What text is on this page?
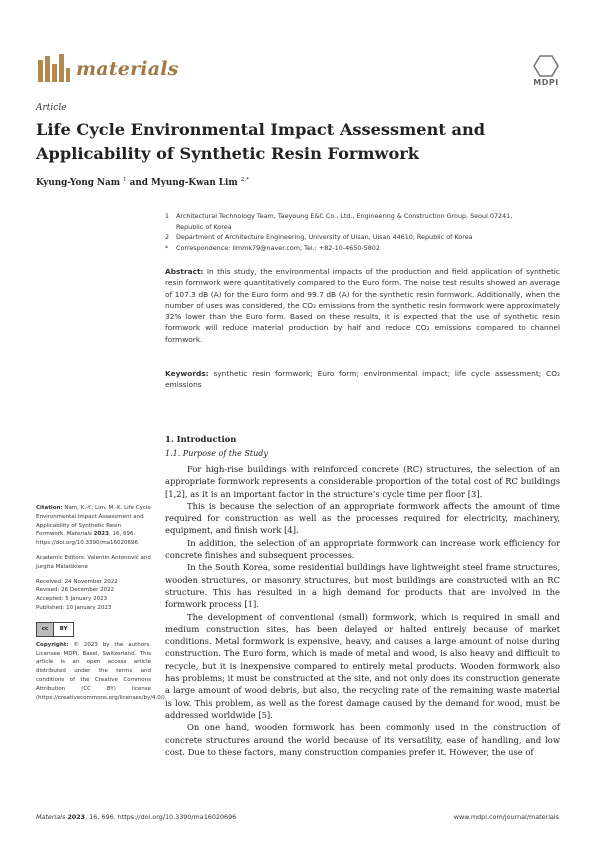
materials
MDPI
Article
Life Cycle Environmental Impact Assessment and Applicability of Synthetic Resin Formwork
Kyung-Yong Nam $^1$ and Myung-Kwan Lim $^{2,*}$
1	Architectural Technology Team, Taeyoung E&C Co., Ltd., Engineering & Construction Group, Seoul 07241, Republic of Korea
2	Department of Architecture Engineering, University of Ulsan, Ulsan 44610, Republic of Korea
*	Correspondence: limmk79@naver.com; Tel.: +82-10-4650-5802
Abstract: In this study, the environmental impacts of the production and field application of synthetic resin formwork were quantitatively compared to the Euro form. The noise test results showed an average of 107.3 dB (A) for the Euro form and 99.7 dB (A) for the synthetic resin formwork. Additionally, when the number of uses was considered, the CO₂ emissions from the synthetic resin formwork were approximately 32% lower than the Euro form. Based on these results, it is expected that the use of synthetic resin formwork will reduce material production by half and reduce CO₂ emissions compared to channel formwork.
Keywords: synthetic resin formwork; Euro form; environmental impact; life cycle assessment; CO₂ emissions
1. Introduction
1.1. Purpose of the Study

For high-rise buildings with reinforced concrete (RC) structures, the selection of an appropriate formwork represents a considerable proportion of the total cost of RC buildings [1,2], as it is an important factor in the structure’s cycle time per floor [3].

This is because the selection of an appropriate formwork affects the amount of time required for construction as well as the processes required for electricity, machinery, equipment, and finish work [4].

In addition, the selection of an appropriate formwork can increase work efficiency for concrete finishes and subsequent processes.

In the South Korea, some residential buildings have lightweight steel frame structures, wooden structures, or masonry structures, but most buildings are constructed with an RC structure. This has resulted in a high demand for products that are involved in the formwork process [1].

The development of conventional (small) formwork, which is required in small and medium construction sites, has been delayed or halted entirely because of market conditions. Metal formwork is expensive, heavy, and causes a large amount of noise during construction. The Euro form, which is made of metal and wood, is also heavy and difficult to recycle, but it is inexpensive compared to entirely metal products. Wooden formwork also has problems; it must be constructed at the site, and not only does its construction generate a large amount of wood debris, but also, the recycling rate of the remaining waste material is low. This problem, as well as the forest damage caused by the demand for wood, must be addressed worldwide [5].

On one hand, wooden formwork has been commonly used in the construction of concrete structures around the world because of its versatility, ease of handling, and low cost. Due to these factors, many construction companies prefer it. However, the use of

Citation: Nam, K.-Y.; Lim, M.-K. Life Cycle Environmental Impact Assessment and Applicability of Synthetic Resin Formwork. Materials 2023, 16, 696. https://doi.org/10.3390/ma16020696
Academic Editors: Valentin Antonović and Jurgita Malaiškienė
Received: 24 November 2022
Revised: 26 December 2022
Accepted: 5 January 2023
Published: 10 January 2023
cc	BY
Copyright: © 2023 by the authors. Licensee MDPI, Basel, Switzerland. This article is an open access article distributed under the terms and conditions of the Creative Commons Attribution (CC BY) license (https://creativecommons.org/licenses/by/4.0/).
Materials 2023, 16, 696. https://doi.org/10.3390/ma16020696	www.mdpi.com/journal/materials
